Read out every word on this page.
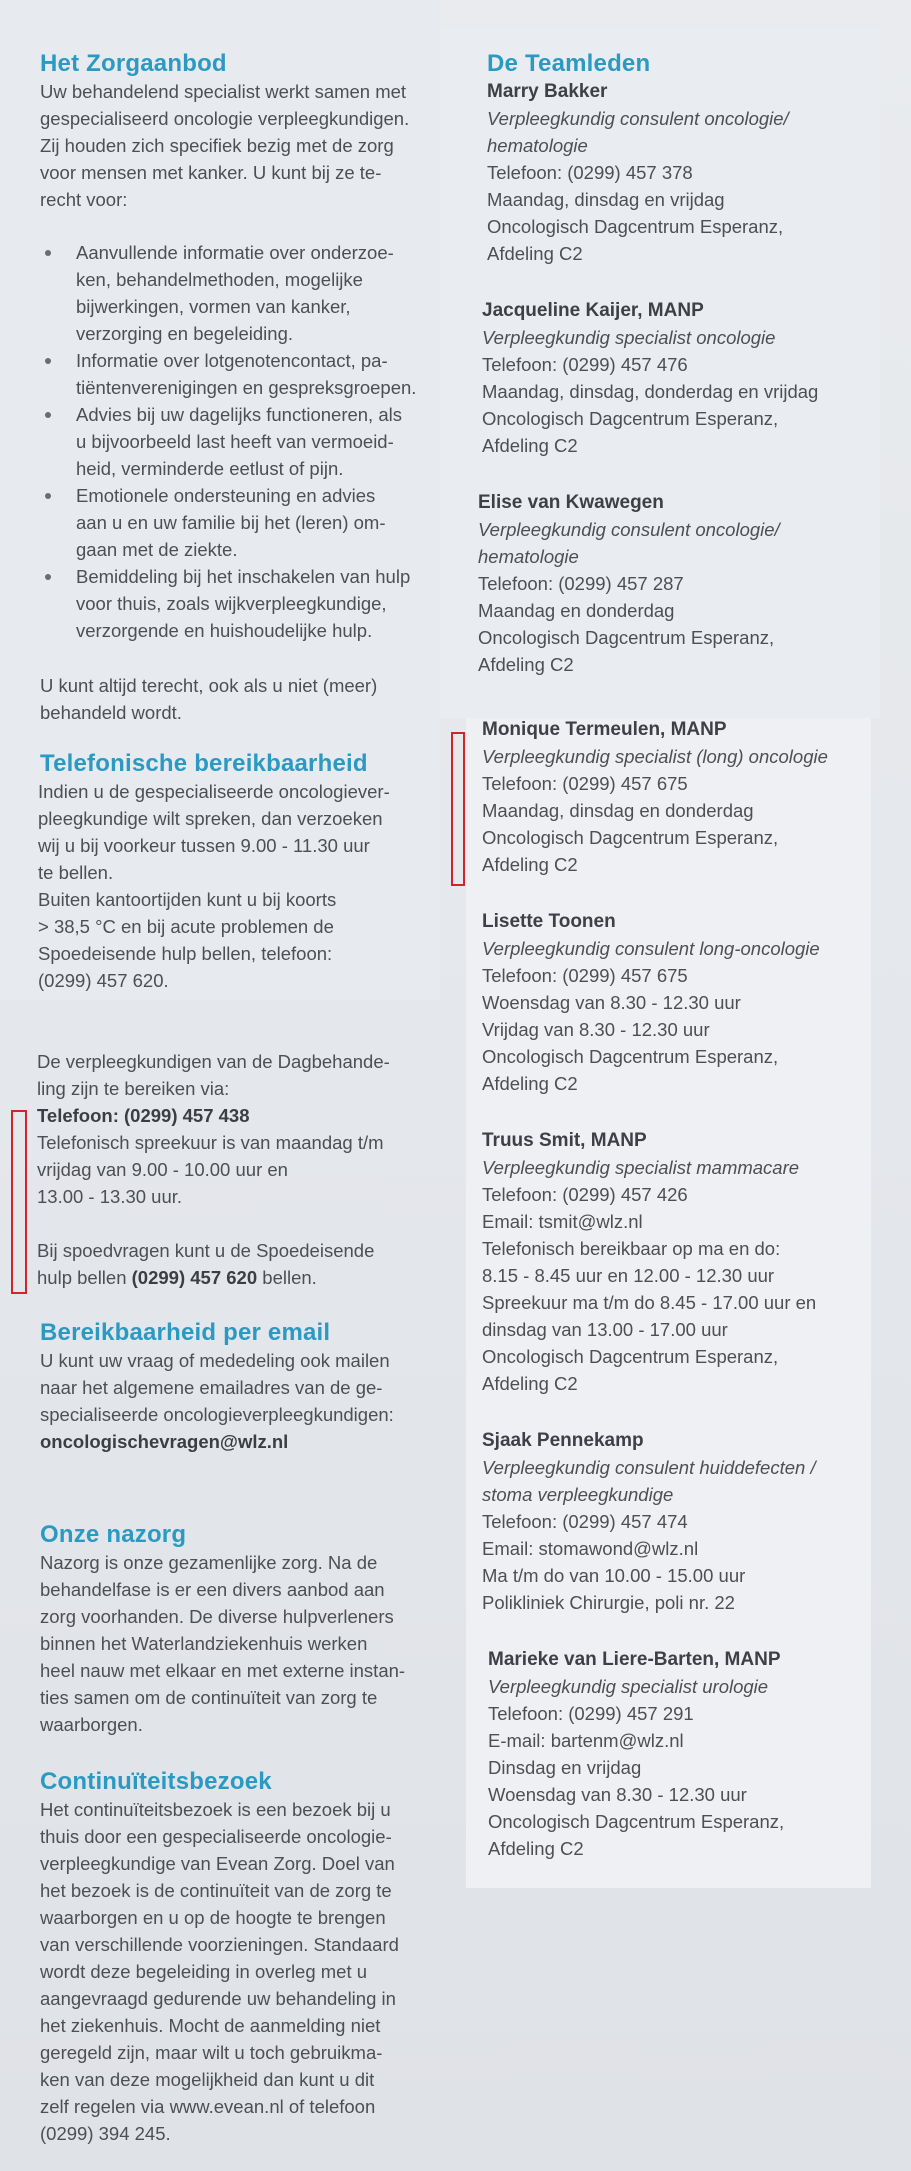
Het Zorgaanbod

Uw behandelend specialist werkt samen met
gespecialiseerd oncologie verpleegkundigen.
Zij houden zich specifiek bezig met de zorg
voor mensen met kanker. U kunt bij ze te-
recht voor:

Aanvullende informatie over onderzoe-
ken, behandelmethoden, mogelijke
bijwerkingen, vormen van kanker,
verzorging en begeleiding.
Informatie over lotgenotencontact, pa-
tiëntenverenigingen en gespreksgroepen.
Advies bij uw dagelijks functioneren, als
u bijvoorbeeld last heeft van vermoeid-
heid, verminderde eetlust of pijn.
Emotionele ondersteuning en advies
aan u en uw familie bij het (leren) om-
gaan met de ziekte.
Bemiddeling bij het inschakelen van hulp
voor thuis, zoals wijkverpleegkundige,
verzorgende en huishoudelijke hulp.

U kunt altijd terecht, ook als u niet (meer)
behandeld wordt.

Telefonische bereikbaarheid

Indien u de gespecialiseerde oncologiever-
pleegkundige wilt spreken, dan verzoeken
wij u bij voorkeur tussen 9.00 - 11.30 uur
te bellen.
Buiten kantoortijden kunt u bij koorts
> 38,5 °C en bij acute problemen de
Spoedeisende hulp bellen, telefoon:
(0299) 457 620.

De verpleegkundigen van de Dagbehande-
ling zijn te bereiken via:

Telefoon: (0299) 457 438

Telefonisch spreekuur is van maandag t/m
vrijdag van 9.00 - 10.00 uur en
13.00 - 13.30 uur.

Bij spoedvragen kunt u de Spoedeisende
hulp bellen (0299) 457 620 bellen.

Bereikbaarheid per email

U kunt uw vraag of mededeling ook mailen
naar het algemene emailadres van de ge-
specialiseerde oncologieverpleegkundigen:
oncologischevragen@wlz.nl

Onze nazorg

Nazorg is onze gezamenlijke zorg. Na de
behandelfase is er een divers aanbod aan
zorg voorhanden. De diverse hulpverleners
binnen het Waterlandziekenhuis werken
heel nauw met elkaar en met externe instan-
ties samen om de continuïteit van zorg te
waarborgen.

Continuïteitsbezoek

Het continuïteitsbezoek is een bezoek bij u
thuis door een gespecialiseerde oncologie-
verpleegkundige van Evean Zorg. Doel van
het bezoek is de continuïteit van de zorg te
waarborgen en u op de hoogte te brengen
van verschillende voorzieningen. Standaard
wordt deze begeleiding in overleg met u
aangevraagd gedurende uw behandeling in
het ziekenhuis. Mocht de aanmelding niet
geregeld zijn, maar wilt u toch gebruikma-
ken van deze mogelijkheid dan kunt u dit
zelf regelen via www.evean.nl of telefoon
(0299) 394 245.

De Teamleden
Marry Bakker
Verpleegkundig consulent oncologie/
hematologie
Telefoon: (0299) 457 378
Maandag, dinsdag en vrijdag
Oncologisch Dagcentrum Esperanz,
Afdeling C2
Jacqueline Kaijer, MANP
Verpleegkundig specialist oncologie
Telefoon: (0299) 457 476
Maandag, dinsdag, donderdag en vrijdag
Oncologisch Dagcentrum Esperanz,
Afdeling C2
Elise van Kwawegen
Verpleegkundig consulent oncologie/
hematologie
Telefoon: (0299) 457 287
Maandag en donderdag
Oncologisch Dagcentrum Esperanz,
Afdeling C2
Monique Termeulen, MANP
Verpleegkundig specialist (long) oncologie
Telefoon: (0299) 457 675
Maandag, dinsdag en donderdag
Oncologisch Dagcentrum Esperanz,
Afdeling C2
Lisette Toonen
Verpleegkundig consulent long-oncologie
Telefoon: (0299) 457 675
Woensdag van 8.30 - 12.30 uur
Vrijdag van 8.30 - 12.30 uur
Oncologisch Dagcentrum Esperanz,
Afdeling C2
Truus Smit, MANP
Verpleegkundig specialist mammacare
Telefoon: (0299) 457 426
Email: tsmit@wlz.nl
Telefonisch bereikbaar op ma en do:
8.15 - 8.45 uur en 12.00 - 12.30 uur
Spreekuur ma t/m do 8.45 - 17.00 uur en
dinsdag van 13.00 - 17.00 uur
Oncologisch Dagcentrum Esperanz,
Afdeling C2
Sjaak Pennekamp
Verpleegkundig consulent huiddefecten /
stoma verpleegkundige
Telefoon: (0299) 457 474
Email: stomawond@wlz.nl
Ma t/m do van 10.00 - 15.00 uur
Polikliniek Chirurgie, poli nr. 22
Marieke van Liere-Barten, MANP
Verpleegkundig specialist urologie
Telefoon: (0299) 457 291
E-mail: bartenm@wlz.nl
Dinsdag en vrijdag
Woensdag van 8.30 - 12.30 uur
Oncologisch Dagcentrum Esperanz,
Afdeling C2
